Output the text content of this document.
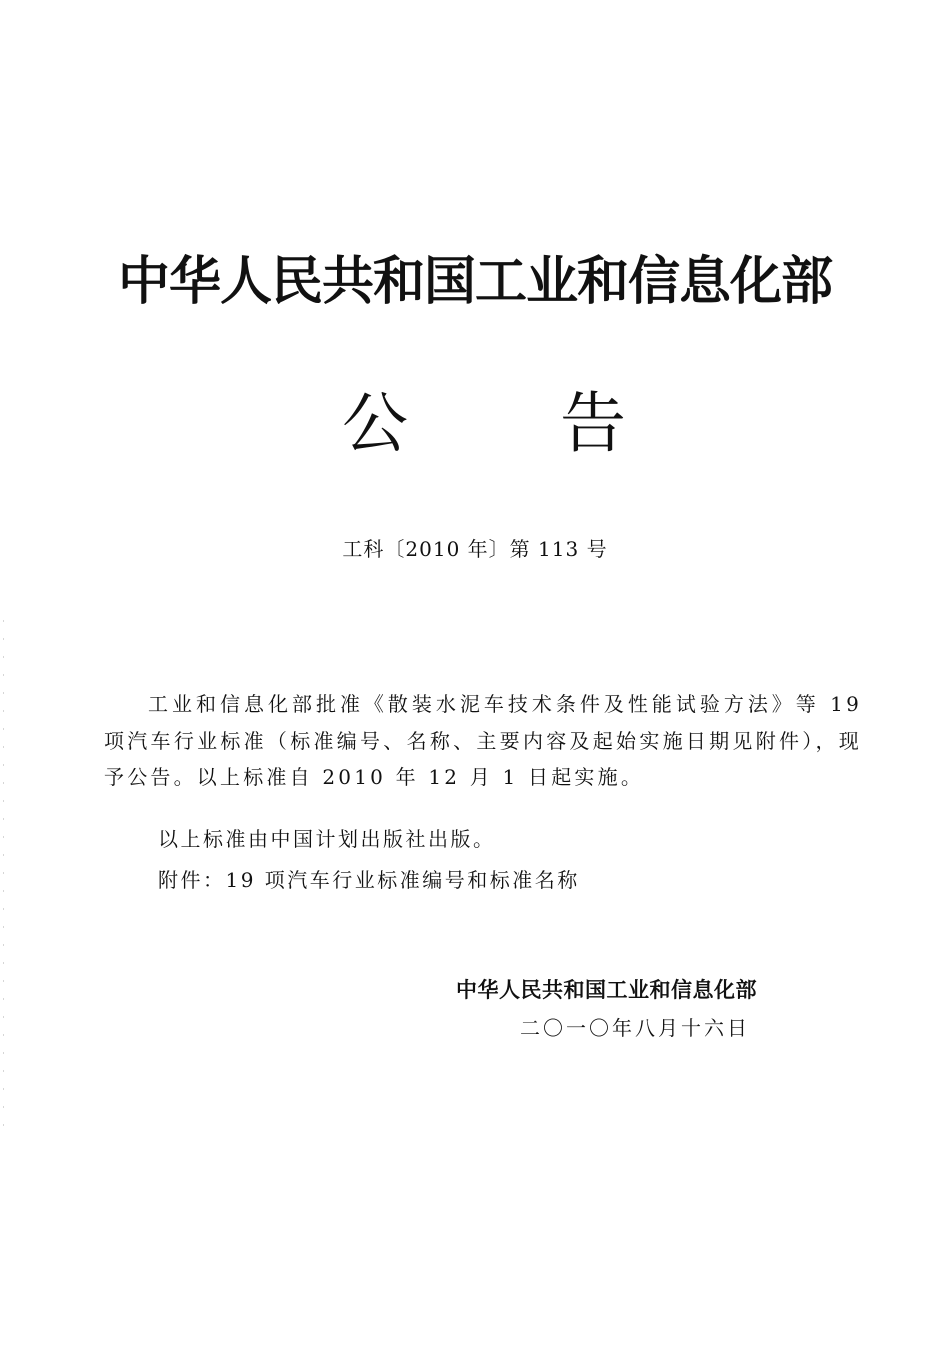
中华人民共和国工业和信息化部
公 告
工科〔2010 年〕第 113 号
工业和信息化部批准《散装水泥车技术条件及性能试验方法》等 19 项汽车行业标准（标准编号、名称、主要内容及起始实施日期见附件），现予公告。以上标准自 2010 年 12 月 1 日起实施。
以上标准由中国计划出版社出版。
附件：19 项汽车行业标准编号和标准名称
中华人民共和国工业和信息化部
二〇一〇年八月十六日
